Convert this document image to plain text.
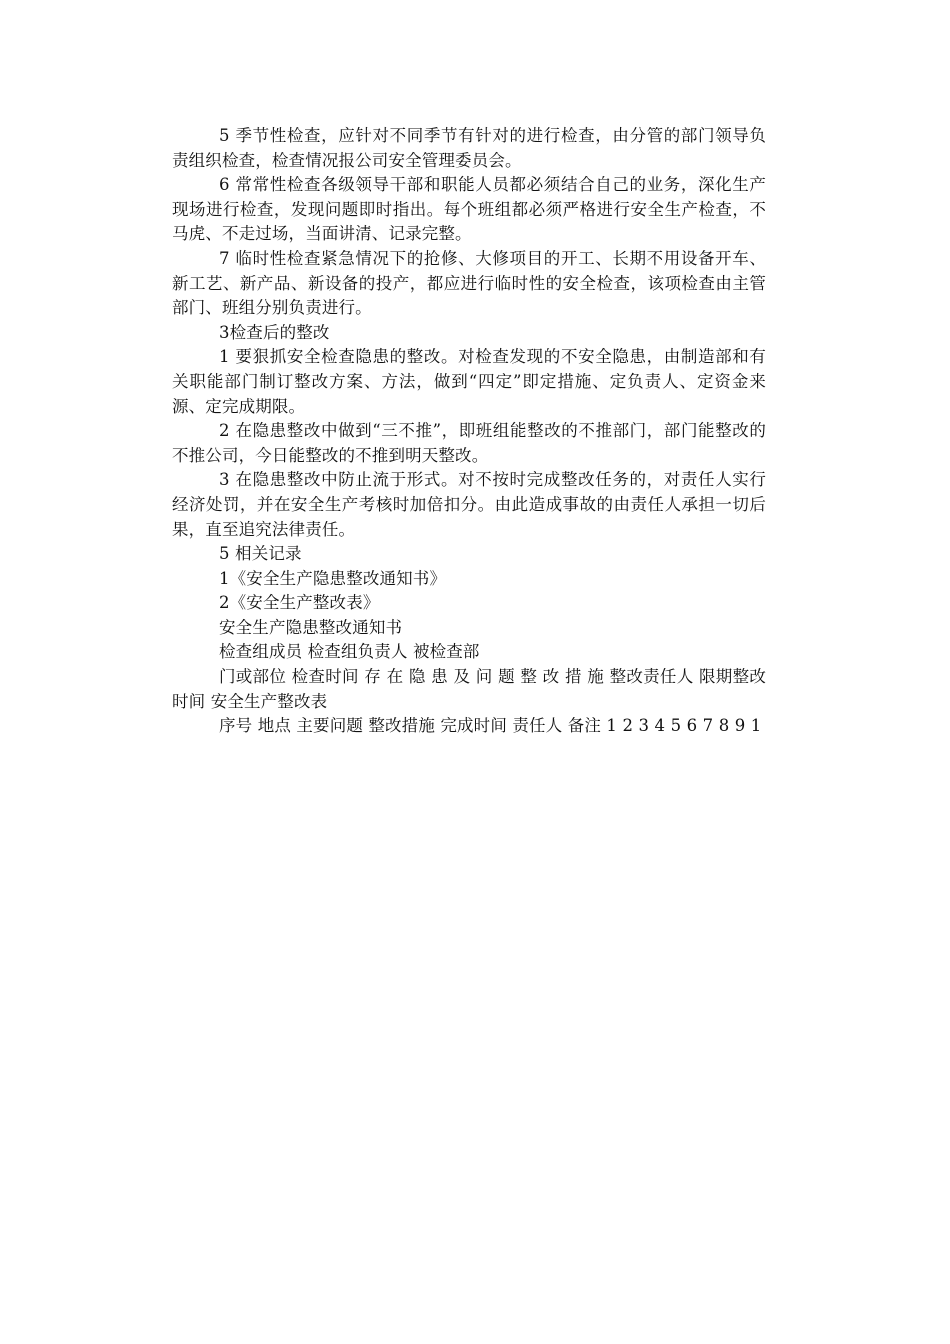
5 季节性检查，应针对不同季节有针对的进行检查，由分管的部门领导负责组织检查，检查情况报公司安全管理委员会。

6 常常性检查各级领导干部和职能人员都必须结合自己的业务，深化生产现场进行检查，发现问题即时指出。每个班组都必须严格进行安全生产检查，不马虎、不走过场，当面讲清、记录完整。

7 临时性检查紧急情况下的抢修、大修项目的开工、长期不用设备开车、新工艺、新产品、新设备的投产，都应进行临时性的安全检查，该项检查由主管部门、班组分别负责进行。

3检查后的整改

1 要狠抓安全检查隐患的整改。对检查发现的不安全隐患，由制造部和有关职能部门制订整改方案、方法，做到“四定”即定措施、定负责人、定资金来源、定完成期限。

2 在隐患整改中做到“三不推”，即班组能整改的不推部门，部门能整改的不推公司，今日能整改的不推到明天整改。

3 在隐患整改中防止流于形式。对不按时完成整改任务的，对责任人实行经济处罚，并在安全生产考核时加倍扣分。由此造成事故的由责任人承担一切后果，直至追究法律责任。

5 相关记录

1《安全生产隐患整改通知书》

2《安全生产整改表》

安全生产隐患整改通知书

检查组成员 检查组负责人 被检查部

门或部位 检查时间 存 在 隐 患 及 问 题 整 改 措 施 整改责任人 限期整改时间 安全生产整改表

序号 地点 主要问题 整改措施 完成时间 责任人 备注 1 2 3 4 5 6 7 8 9 1
